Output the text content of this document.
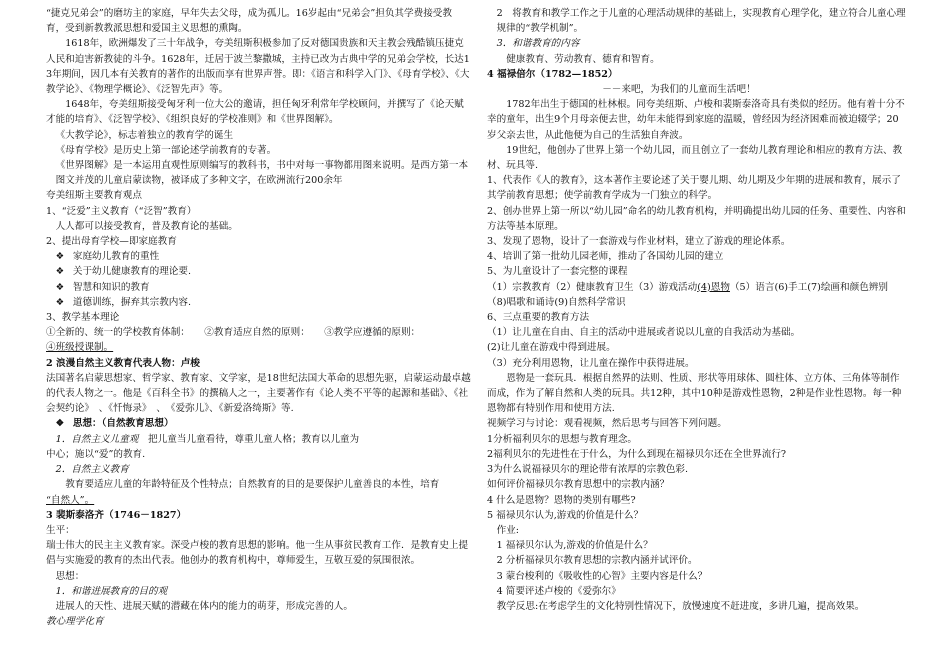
“捷克兄弟会”的磨坊主的家庭，早年失去父母，成为孤儿。16岁起由“兄弟会”担负其学费接受教育，受到新教教派思想和爱国主义思想的熏陶。

1618年，欧洲爆发了三十年战争，夸美纽斯积极参加了反对德国贵族和天主教会残酷镇压捷克人民和迫害新教徒的斗争。1628年，迁居于波兰黎撒城，主持已改为古典中学的兄弟会学校，长达13年期间，因几本有关教育的著作的出版而享有世界声誉。即：《语言和科学入门》、《母育学校》、《大教学论》、《物理学概论》、《泛智先声》等。

1648年，夸美纽斯接受匈牙利一位大公的邀请，担任匈牙利常年学校顾问，并撰写了《论天赋才能的培育》、《泛智学校》、《组织良好的学校准则》和《世界图解》。

《大教学论》，标志着独立的教育学的诞生

《母育学校》是历史上第一部论述学前教育的专著。

《世界图解》是一本运用直观性原则编写的教科书，书中对每一事物都用图来说明。是西方第一本图文并茂的儿童启蒙读物，被译成了多种文字，在欧洲流行200余年

夸美纽斯主要教育观点

1、“泛爱”主义教育（“泛智”教育）

人人都可以接受教育，普及教育论的基础。

2、提出母育学校—即家庭教育

❖ 家庭幼儿教育的重性

❖ 关于幼儿健康教育的理论要.

❖ 智慧和知识的教育

❖ 道德训练，摒弃其宗教内容.

3、教学基本理论

①全新的、统一的学校教育体制：　　②教育适应自然的原则：　　③教学应遵循的原则：

④班级授课制。

2 浪漫自然主义教育代表人物：卢梭

法国著名启蒙思想家、哲学家、教育家、文学家，是18世纪法国大革命的思想先驱，启蒙运动最卓越的代表人物之一。他是《百科全书》的撰稿人之一，主要著作有《论人类不平等的起源和基础》、《社会契约论》　、《忏悔录》　、　《爱弥儿》、《新爱洛绮斯》等.

❖ 思想：（自然教育思想）

1．自然主义儿童观　 把儿童当儿童看待，尊重儿童人格；教育以儿童为

中心；施以“爱”的教育.

2．自然主义教育

教育要适应儿童的年龄特征及个性特点；自然教育的目的是要保护儿童善良的本性，培育

“自然人”。

3 裴斯泰洛齐（1746－1827）

生平：

瑞士伟大的民主主义教育家。深受卢梭的教育思想的影响。他一生从事贫民教育工作．是教育史上提倡与实施爱的教育的杰出代表。他创办的教育机构中，尊师爱生，互敬互爱的氛围很浓。

思想：

1．和谐进展教育的目的观

进展人的天性、进展天赋的潜藏在体内的能力的萌芽，形成完善的人。

教心理学化育

2　将教育和教学工作之于儿童的心理活动规律的基础上，实现教育心理学化，建立符合儿童心理规律的“教学机制”。

3．和谐教育的内容

健康教育、劳动教育、德育和智育。

4 福禄倍尔（1782—1852）

－－来吧，为我们的儿童而生活吧！

1782年出生于德国的杜林根。同夸美纽斯、卢梭和裴斯泰洛奇具有类似的经历。他有着十分不幸的童年，出生9个月母亲便去世，幼年未能得到家庭的温暖，曾经因为经济困难而被迫辍学；20岁父亲去世，从此他便为自己的生活独自奔波。

19世纪，他创办了世界上第一个幼儿园，而且创立了一套幼儿教育理论和相应的教育方法、教材、玩具等.

1、代表作《人的教育》，这本著作主要论述了关于婴儿期、幼儿期及少年期的进展和教育，展示了其学前教育思想；使学前教育学成为一门独立的科学。

2、创办世界上第一所以“幼儿园”命名的幼儿教育机构，并明确提出幼儿园的任务、重要性、内容和方法等基本原理。

3、发现了恩物，设计了一套游戏与作业材料，建立了游戏的理论体系。

4、培训了第一批幼儿园老师，推动了各国幼儿园的建立

5、为儿童设计了一套完整的课程

（1）宗教教育（2）健康教育卫生（3）游戏活动(4)恩物（5）语言(6)手工(7)绘画和颜色辨别

（8)唱歌和诵诗(9)自然科学常识

6、三点重要的教育方法

（1）让儿童在自由、自主的活动中进展或者说以儿童的自我活动为基础。

(2)让儿童在游戏中得到进展。

（3）充分利用恩物，让儿童在操作中获得进展。

恩物是一套玩具．根据自然界的法则、性质、形状等用球体、圆柱体、立方体、三角体等制作而成，作为了解自然和人类的玩具。共12种，其中10种是游戏性恩物，2种是作业性恩物。每一种恩物都有特别作用和使用方法.

视频学习与讨论：观看视频，然后思考与回答下列问题。

1分析福利贝尔的思想与教育理念。

2福利贝尔的先进性在于什么，为什么到现在福禄贝尔还在全世界流行?

3为什么说福禄贝尔的理论带有浓厚的宗教色彩.

如何评价福禄贝尔教育思想中的宗教内涵？

4 什么是恩物？恩物的类别有哪些?

5 福禄贝尔认为,游戏的价值是什么？

作业:

1 福禄贝尔认为,游戏的价值是什么？

2 分析福禄贝尔教育思想的宗教内涵并试评价。

3 蒙台梭利的《吸收性的心智》主要内容是什么？

4 简要评述卢梭的《爱弥尔》

教学反思:在考虑学生的文化特别性情况下，放慢速度不赶进度，多讲几遍，提高效果。
